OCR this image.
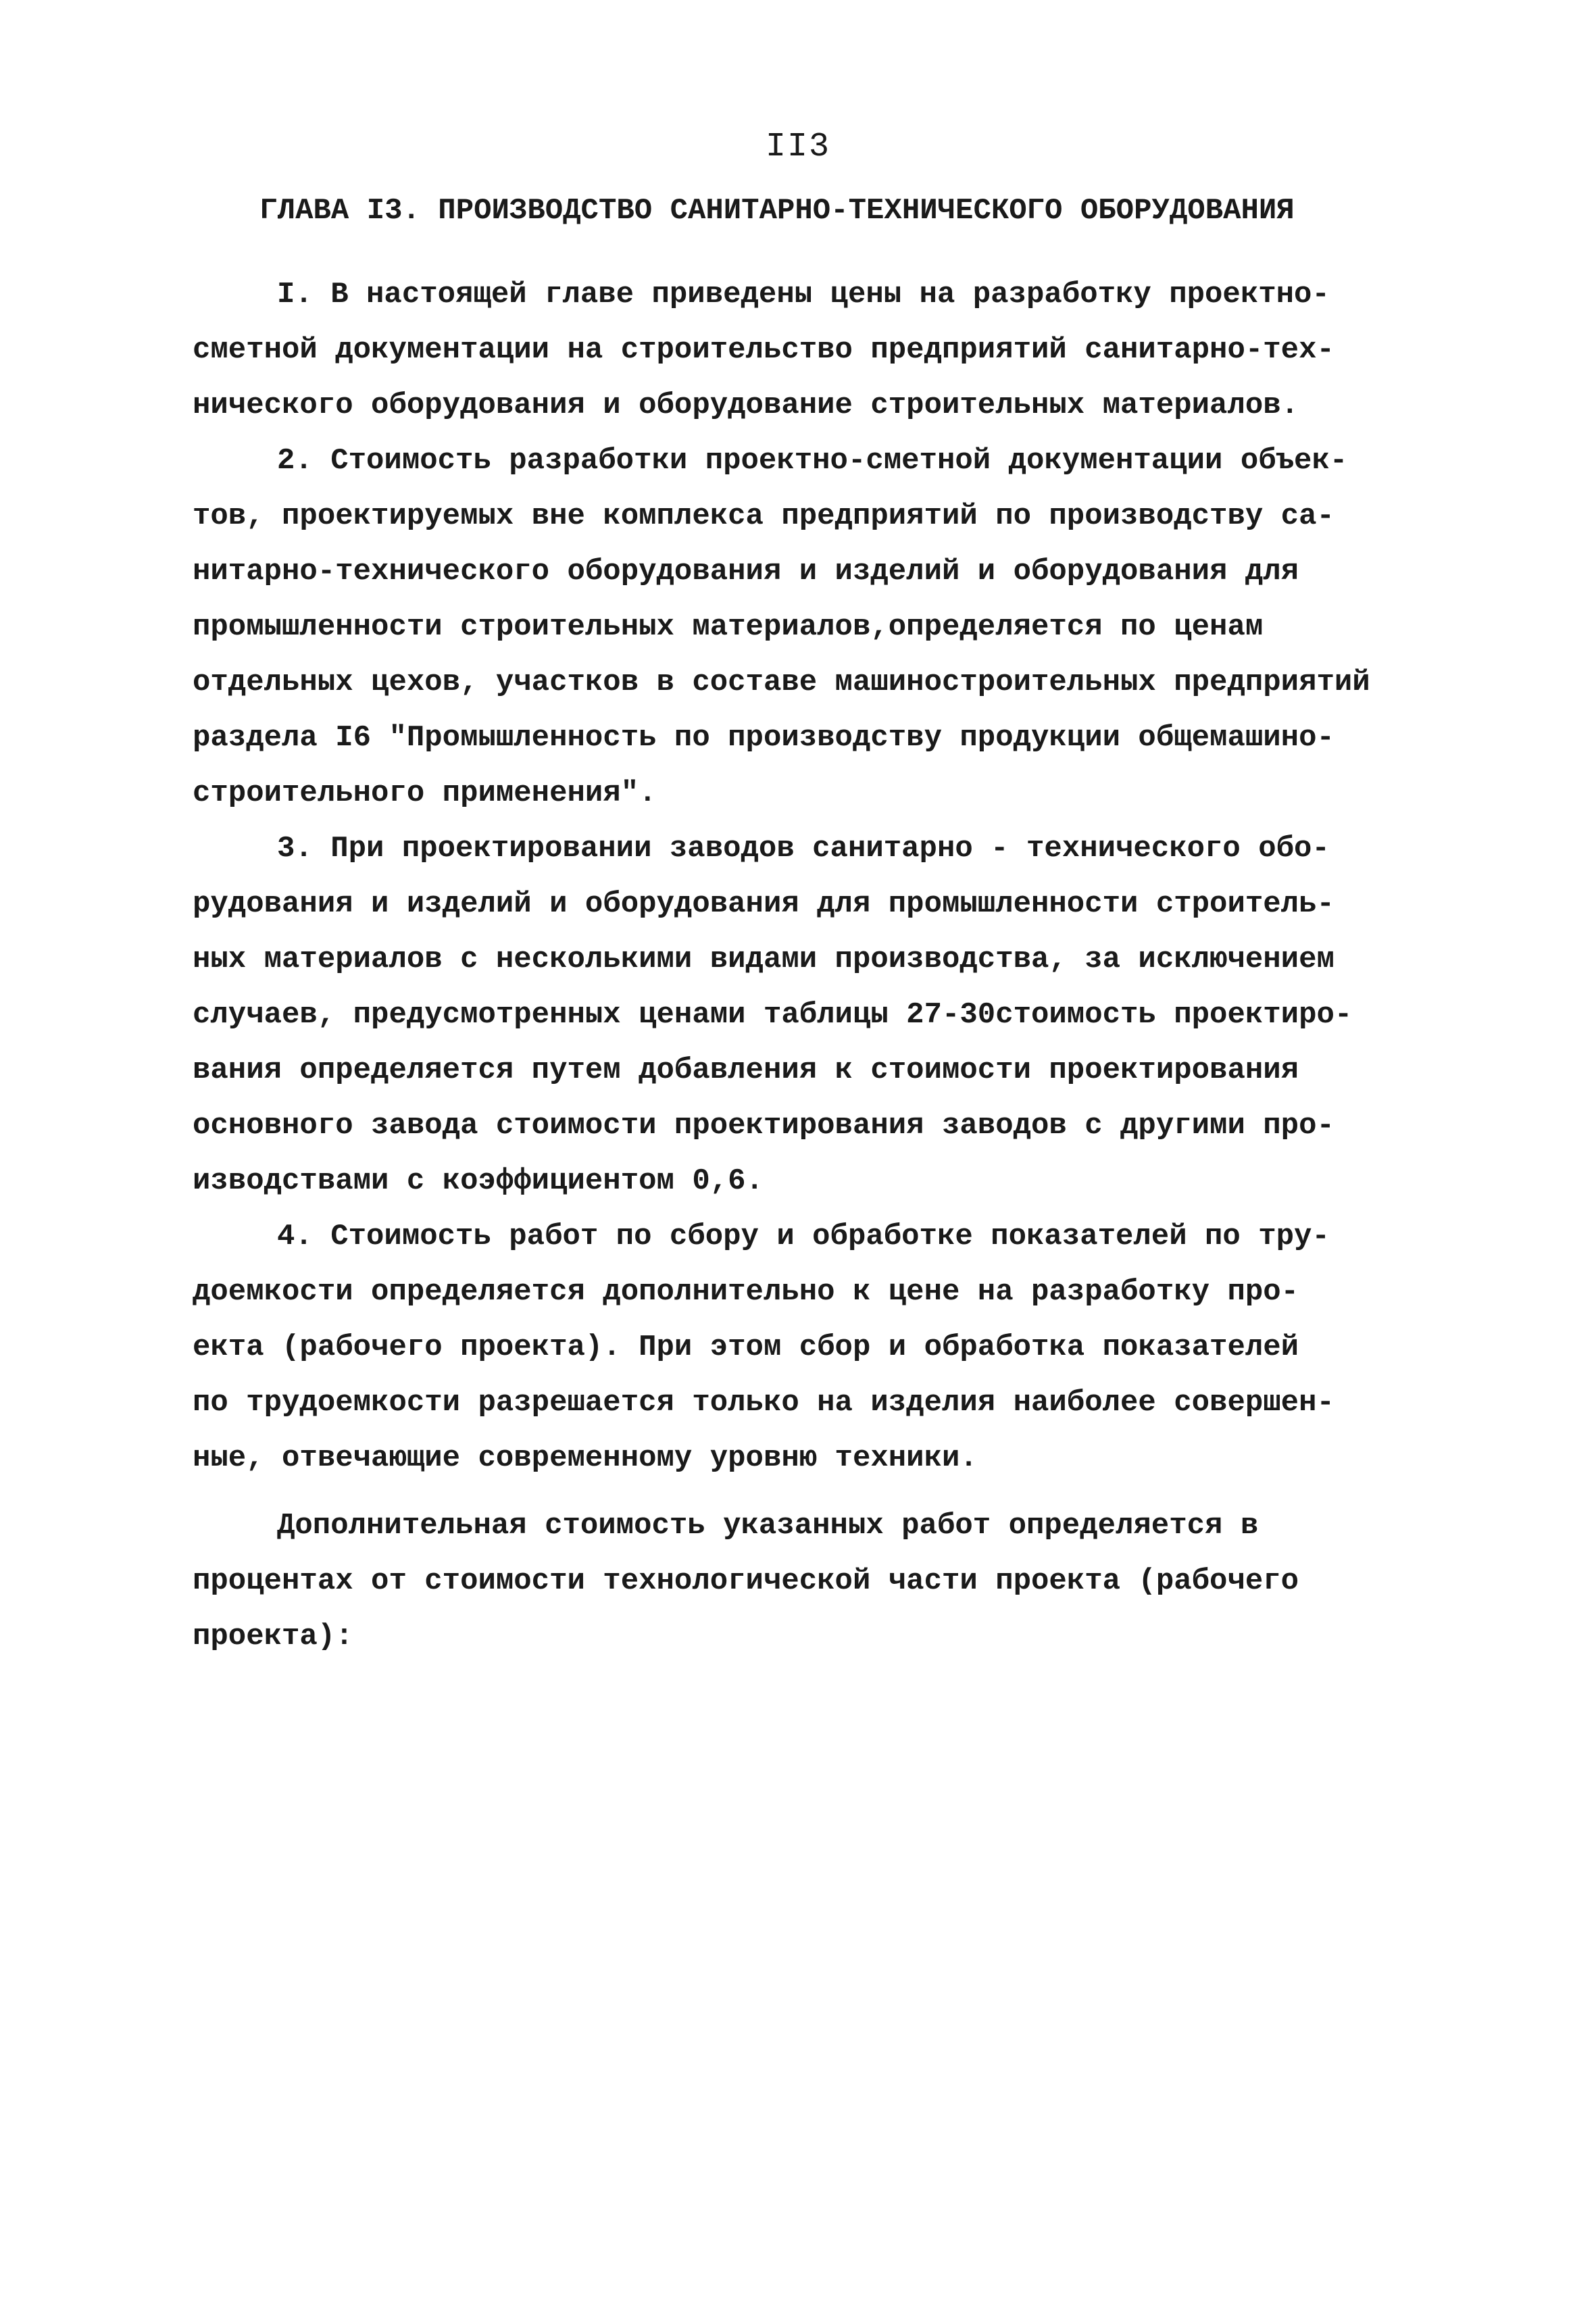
II3
ГЛАВА I3. ПРОИЗВОДСТВО САНИТАРНО-ТЕХНИЧЕСКОГО ОБОРУДОВАНИЯ
I. В настоящей главе приведены цены на разработку проектно-
сметной документации на строительство предприятий санитарно-тех-
нического оборудования и оборудование строительных материалов.
2. Стоимость разработки проектно-сметной документации объек-
тов, проектируемых вне комплекса предприятий по производству са-
нитарно-технического оборудования и изделий и оборудования для
промышленности строительных материалов,определяется по ценам
отдельных цехов, участков в составе машиностроительных предприятий
раздела I6 "Промышленность по производству продукции общемашино-
строительного применения".
3. При проектировании заводов санитарно - технического обо-
рудования и изделий и оборудования для промышленности строитель-
ных материалов с несколькими видами производства, за исключением
случаев, предусмотренных ценами таблицы 27-30стоимость проектиро-
вания определяется путем добавления к стоимости проектирования
основного завода стоимости проектирования заводов с другими про-
изводствами с коэффициентом 0,6.
4. Стоимость работ по сбору и обработке показателей по тру-
доемкости определяется дополнительно к цене на разработку про-
екта (рабочего проекта). При этом сбор и обработка показателей
по трудоемкости разрешается только на изделия наиболее совершен-
ные, отвечающие современному уровню техники.
Дополнительная стоимость указанных работ определяется в
процентах от стоимости технологической части проекта (рабочего
проекта):
